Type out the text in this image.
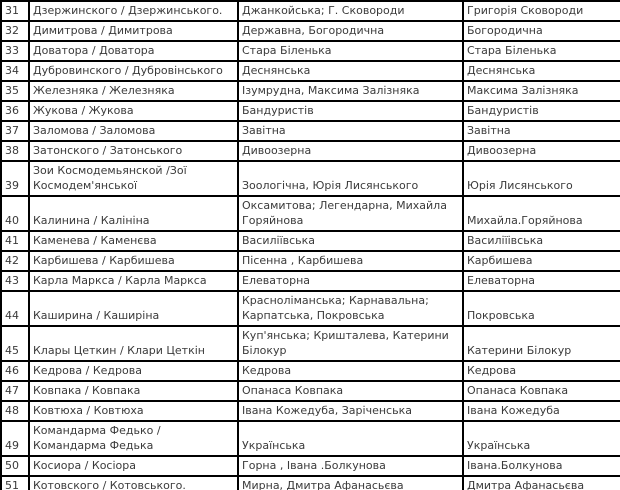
31	Дзержинского / Дзержинського.	Джанкойська; Г. Сковороди	Григорія Сковороди
32	Димитрова / Димитрова	Державна, Богородична	Богородична
33	Доватора / Доватора	Стара Біленька	Стара Біленька
34	Дубровинского / Дубровінського	Деснянська	Деснянська
35	Железняка / Железняка	Ізумрудна, Максима Залізняка	Максима Залізняка
36	Жукова / Жукова	Бандуристів	Бандуристів
37	Заломова / Заломова	Завітна	Завітна
38	Затонского / Затонського	Дивоозерна	Дивоозерна
39	Зои Космодемьянской /Зої Космодем'янської	Зоологічна, Юрія Лисянського	Юрія Лисянського
40	Калинина / Калініна	Оксамитова; Легендарна, Михайла Горяйнова	Михайла.Горяйнова
41	Каменева / Каменєва	Василіївська	Василіїівська
42	Карбишева / Карбишева	Пісенна , Карбишева	Карбишева
43	Карла Маркса / Карла Маркса	Елеваторна	Елеваторна
44	Каширина / Каширіна	Красноліманська; Карнавальна; Карпатська, Покровська	Покровська
45	Клары Цеткин / Клари Цеткін	Куп'янська; Кришталева, Катерини Білокур	Катерини Білокур
46	Кедрова / Кедрова	Кедрова	Кедрова
47	Ковпака / Ковпака	Опанаса Ковпака	Опанаса Ковпака
48	Ковтюха / Ковтюха	Івана Кожедуба, Заріченська	Івана Кожедуба
49	Командарма Федько / Командарма Федька	Українська	Українська
50	Косиора / Косіора	Горна , Івана .Болкунова	Івана.Болкунова
51	Котовского / Котовського.	Мирна, Дмитра Афанасьєва	Дмитра Афанасьєва
